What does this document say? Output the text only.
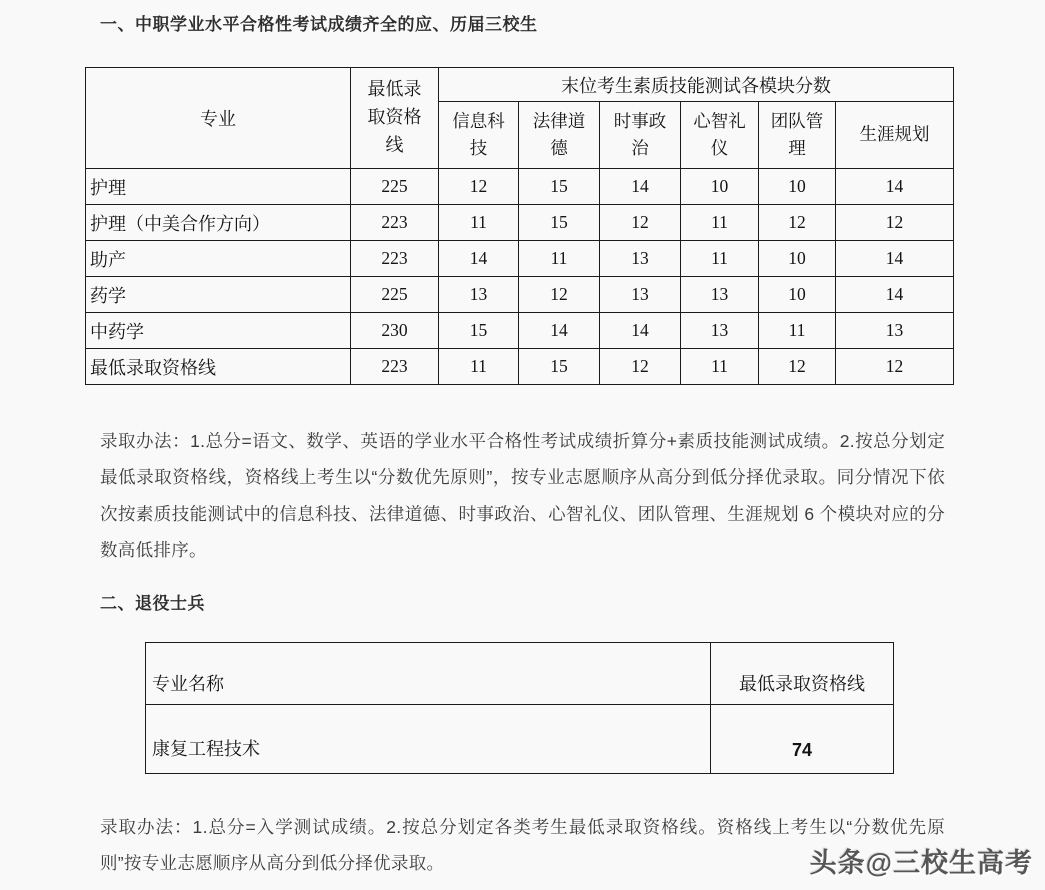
一、中职学业水平合格性考试成绩齐全的应、历届三校生
专业	最低录取资格线	末位考生素质技能测试各模块分数					
		信息科技	法律道德	时事政治	心智礼仪	团队管理	生涯规划
护理	225	12	15	14	10	10	14
护理（中美合作方向）	223	11	15	12	11	12	12
助产	223	14	11	13	11	10	14
药学	225	13	12	13	13	10	14
中药学	230	15	14	14	13	11	13
最低录取资格线	223	11	15	12	11	12	12

录取办法：1.总分=语文、数学、英语的学业水平合格性考试成绩折算分+素质技能测试成绩。2.按总分划定最低录取资格线，资格线上考生以“分数优先原则”，按专业志愿顺序从高分到低分择优录取。同分情况下依次按素质技能测试中的信息科技、法律道德、时事政治、心智礼仪、团队管理、生涯规划 6 个模块对应的分数高低排序。

二、退役士兵
专业名称	最低录取资格线
康复工程技术	74

录取办法：1.总分=入学测试成绩。2.按总分划定各类考生最低录取资格线。资格线上考生以“分数优先原则”按专业志愿顺序从高分到低分择优录取。	头条@三校生高考
